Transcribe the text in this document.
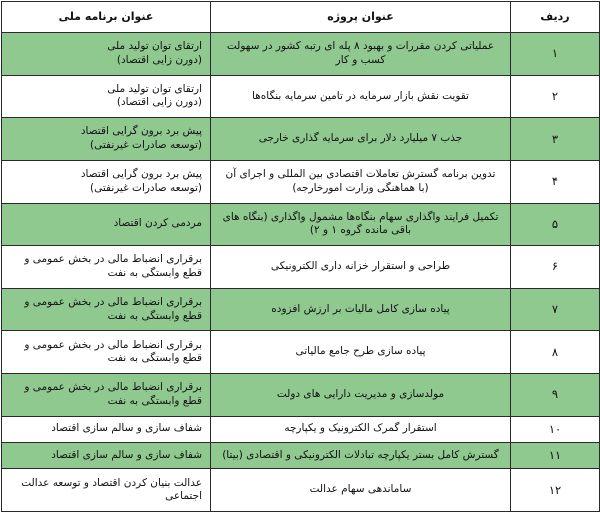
ردیف	عنوان پروژه	عنوان برنامه ملی
۱	عملیاتی کردن مقررات و بهبود ۸ پله ای رتبه کشور در سهولت کسب و کار	ارتقای توان تولید ملی
(دورن زایی اقتصاد)
۲	تقویت نقش بازار سرمایه در تامین سرمایه بنگاه‌ها	ارتقای توان تولید ملی
(دورن زایی اقتصاد)
۳	جذب ۷ میلیارد دلار برای سرمایه گذاری خارجی	پیش برد برون گرایی اقتصاد
(توسعه صادرات غیرنفتی)
۴	تدوین برنامه گسترش تعاملات اقتصادی بین المللی و اجرای آن (با هماهنگی وزارت امورخارجه)	پیش برد برون گرایی اقتصاد
(توسعه صادرات غیرنفتی)
۵	تکمیل فرایند واگذاری سهام بنگاه‌ها مشمول واگذاری (بنگاه های باقی مانده گروه ۱ و ۲)	مردمی کردن اقتصاد
۶	طراحی و استقرار خزانه داری الکترونیکی	برقراری انضباط مالی در بخش عمومی و قطع وابستگی به نفت
۷	پیاده سازی کامل مالیات بر ارزش افزوده	برقراری انضباط مالی در بخش عمومی و قطع وابستگی به نفت
۸	پیاده سازی طرح جامع مالیاتی	برقراری انضباط مالی در بخش عمومی و قطع وابستگی به نفت
۹	مولدسازی و مدیریت دارایی های دولت	برقراری انضباط مالی در بخش عمومی و قطع وابستگی به نفت
۱۰	استقرار گمرک الکترونیک و یکپارچه	شفاف سازی و سالم سازی اقتصاد
۱۱	گسترش کامل بستر یکپارچه تبادلات الکترونیکی و اقتصادی (بیتا)	شفاف سازی و سالم سازی اقتصاد
۱۲	ساماندهی سهام عدالت	عدالت بنیان کردن اقتصاد و توسعه عدالت اجتماعی
